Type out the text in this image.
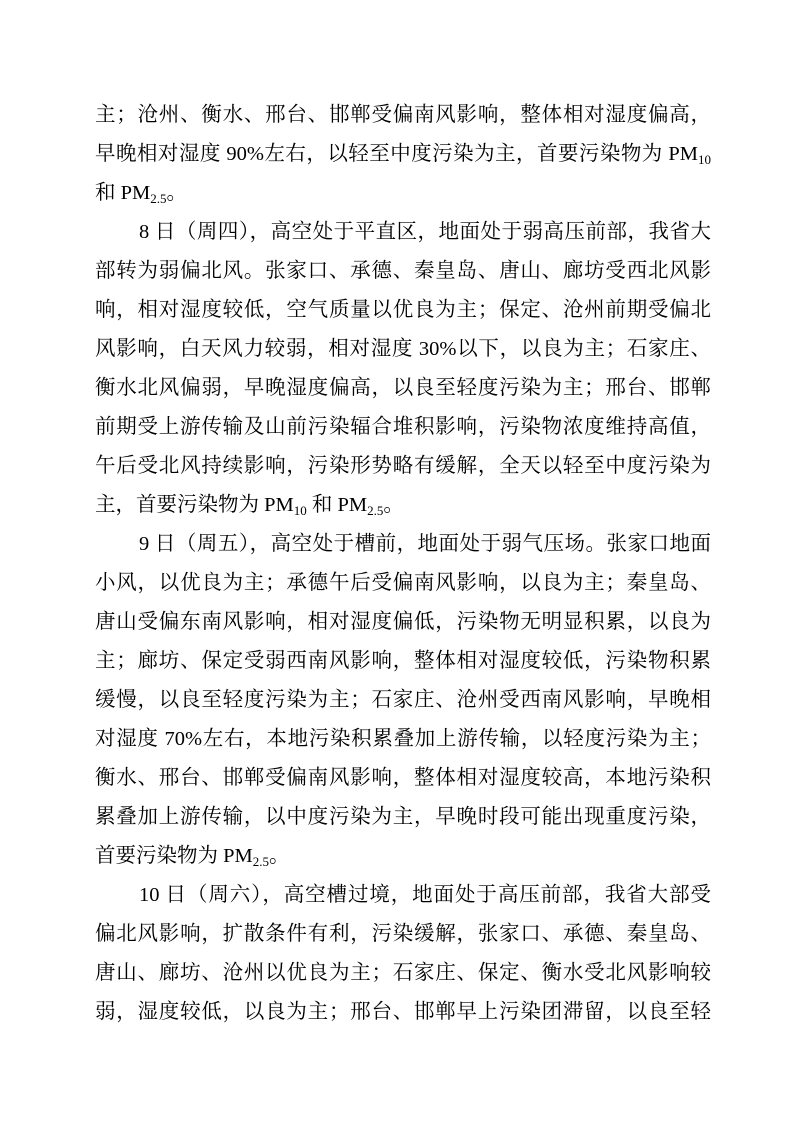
主；沧州、衡水、邢台、邯郸受偏南风影响，整体相对湿度偏高，
早晚相对湿度 90%左右，以轻至中度污染为主，首要污染物为 $PM_{10}$
和 $PM_{2.5}$。
8 日（周四），高空处于平直区，地面处于弱高压前部，我省大
部转为弱偏北风。张家口、承德、秦皇岛、唐山、廊坊受西北风影
响，相对湿度较低，空气质量以优良为主；保定、沧州前期受偏北
风影响，白天风力较弱，相对湿度 30%以下，以良为主；石家庄、
衡水北风偏弱，早晚湿度偏高，以良至轻度污染为主；邢台、邯郸
前期受上游传输及山前污染辐合堆积影响，污染物浓度维持高值，
午后受北风持续影响，污染形势略有缓解，全天以轻至中度污染为
主，首要污染物为 $PM_{10}$ 和 $PM_{2.5}$。
9 日（周五），高空处于槽前，地面处于弱气压场。张家口地面
小风，以优良为主；承德午后受偏南风影响，以良为主；秦皇岛、
唐山受偏东南风影响，相对湿度偏低，污染物无明显积累，以良为
主；廊坊、保定受弱西南风影响，整体相对湿度较低，污染物积累
缓慢，以良至轻度污染为主；石家庄、沧州受西南风影响，早晚相
对湿度 70%左右，本地污染积累叠加上游传输，以轻度污染为主；
衡水、邢台、邯郸受偏南风影响，整体相对湿度较高，本地污染积
累叠加上游传输，以中度污染为主，早晚时段可能出现重度污染，
首要污染物为 $PM_{2.5}$。
10 日（周六），高空槽过境，地面处于高压前部，我省大部受
偏北风影响，扩散条件有利，污染缓解，张家口、承德、秦皇岛、
唐山、廊坊、沧州以优良为主；石家庄、保定、衡水受北风影响较
弱，湿度较低，以良为主；邢台、邯郸早上污染团滞留，以良至轻
